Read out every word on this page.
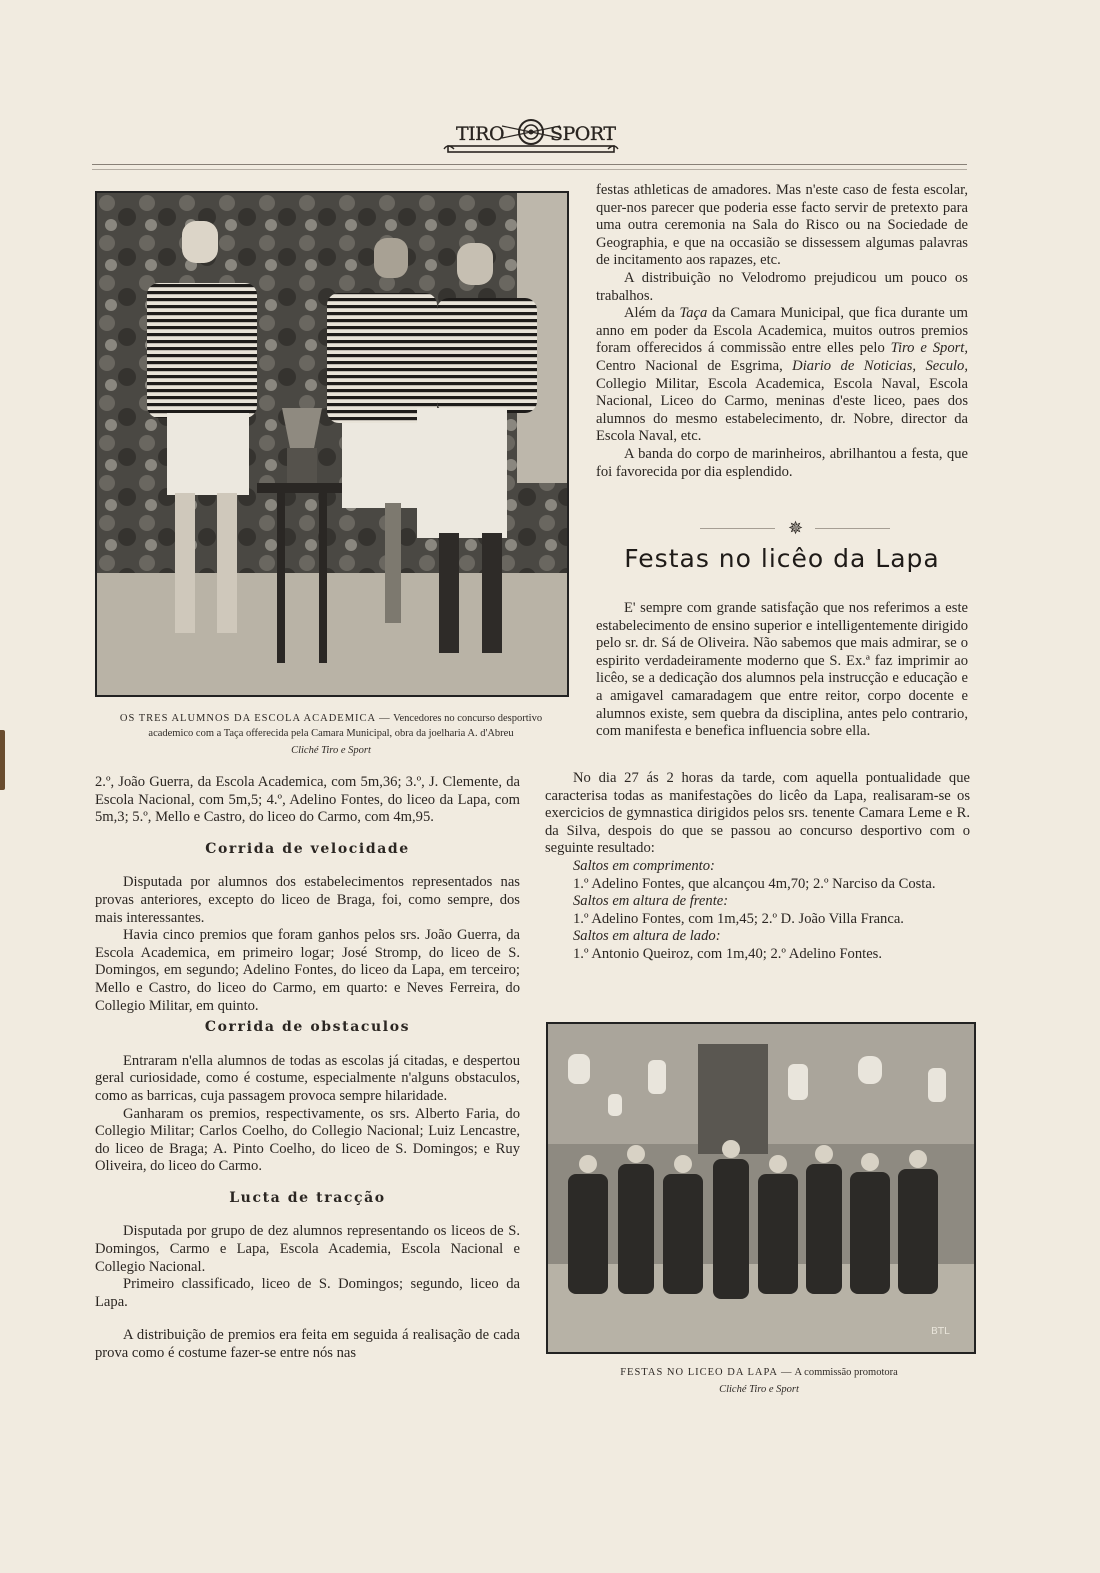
TIRO SPORT
OS TRES ALUMNOS DA ESCOLA ACADEMICA — Vencedores no concurso desportivo academico com a Taça offerecida pela Camara Municipal, obra da joelharia A. d'Abreu
Cliché Tiro e Sport

2.º, João Guerra, da Escola Academica, com 5m,36; 3.º, J. Clemente, da Escola Nacional, com 5m,5; 4.º, Adelino Fontes, do liceo da Lapa, com 5m,3; 5.º, Mello e Castro, do liceo do Carmo, com 4m,95.

Corrida de velocidade

Disputada por alumnos dos estabelecimentos representados nas provas anteriores, excepto do liceo de Braga, foi, como sempre, dos mais interessantes.

Havia cinco premios que foram ganhos pelos srs. João Guerra, da Escola Academica, em primeiro logar; José Stromp, do liceo de S. Domingos, em segundo; Adelino Fontes, do liceo da Lapa, em terceiro; Mello e Castro, do liceo do Carmo, em quarto: e Neves Ferreira, do Collegio Militar, em quinto.

Corrida de obstaculos

Entraram n'ella alumnos de todas as escolas já citadas, e despertou geral curiosidade, como é costume, especialmente n'alguns obstaculos, como as barricas, cuja passagem provoca sempre hilaridade.

Ganharam os premios, respectivamente, os srs. Alberto Faria, do Collegio Militar; Carlos Coelho, do Collegio Nacional; Luiz Lencastre, do liceo de Braga; A. Pinto Coelho, do liceo de S. Domingos; e Ruy Oliveira, do liceo do Carmo.

Lucta de tracção

Disputada por grupo de dez alumnos representando os liceos de S. Domingos, Carmo e Lapa, Escola Academia, Escola Nacional e Collegio Nacional.

Primeiro classificado, liceo de S. Domingos; segundo, liceo da Lapa.

A distribuição de premios era feita em seguida á realisação de cada prova como é costume fazer-se entre nós nas

festas athleticas de amadores. Mas n'este caso de festa escolar, quer-nos parecer que poderia esse facto servir de pretexto para uma outra ceremonia na Sala do Risco ou na Sociedade de Geographia, e que na occasião se dissessem algumas palavras de incitamento aos rapazes, etc.

A distribuição no Velodromo prejudicou um pouco os trabalhos.

Além da Taça da Camara Municipal, que fica durante um anno em poder da Escola Academica, muitos outros premios foram offerecidos á commissão entre elles pelo Tiro e Sport, Centro Nacional de Esgrima, Diario de Noticias, Seculo, Collegio Militar, Escola Academica, Escola Naval, Escola Nacional, Liceo do Carmo, meninas d'este liceo, paes dos alumnos do mesmo estabelecimento, dr. Nobre, director da Escola Naval, etc.

A banda do corpo de marinheiros, abrilhantou a festa, que foi favorecida por dia esplendido.

✵
Festas no licêo da Lapa

E' sempre com grande satisfação que nos referimos a este estabelecimento de ensino superior e intelligentemente dirigido pelo sr. dr. Sá de Oliveira. Não sabemos que mais admirar, se o espirito verdadeiramente moderno que S. Ex.ª faz imprimir ao licêo, se a dedicação dos alumnos pela instrucção e educação e a amigavel camaradagem que entre reitor, corpo docente e alumnos existe, sem quebra da disciplina, antes pelo contrario, com manifesta e benefica influencia sobre ella.

No dia 27 ás 2 horas da tarde, com aquella pontualidade que caracterisa todas as manifestações do licêo da Lapa, realisaram-se os exercicios de gymnastica dirigidos pelos srs. tenente Camara Leme e R. da Silva, despois do que se passou ao concurso desportivo com o seguinte resultado:

Saltos em comprimento:

1.º Adelino Fontes, que alcançou 4m,70; 2.º Narciso da Costa.

Saltos em altura de frente:

1.º Adelino Fontes, com 1m,45; 2.º D. João Villa Franca.

Saltos em altura de lado:

1.º Antonio Queiroz, com 1m,40; 2.º Adelino Fontes.

BTL
FESTAS NO LICEO DA LAPA — A commissão promotora
Cliché Tiro e Sport
